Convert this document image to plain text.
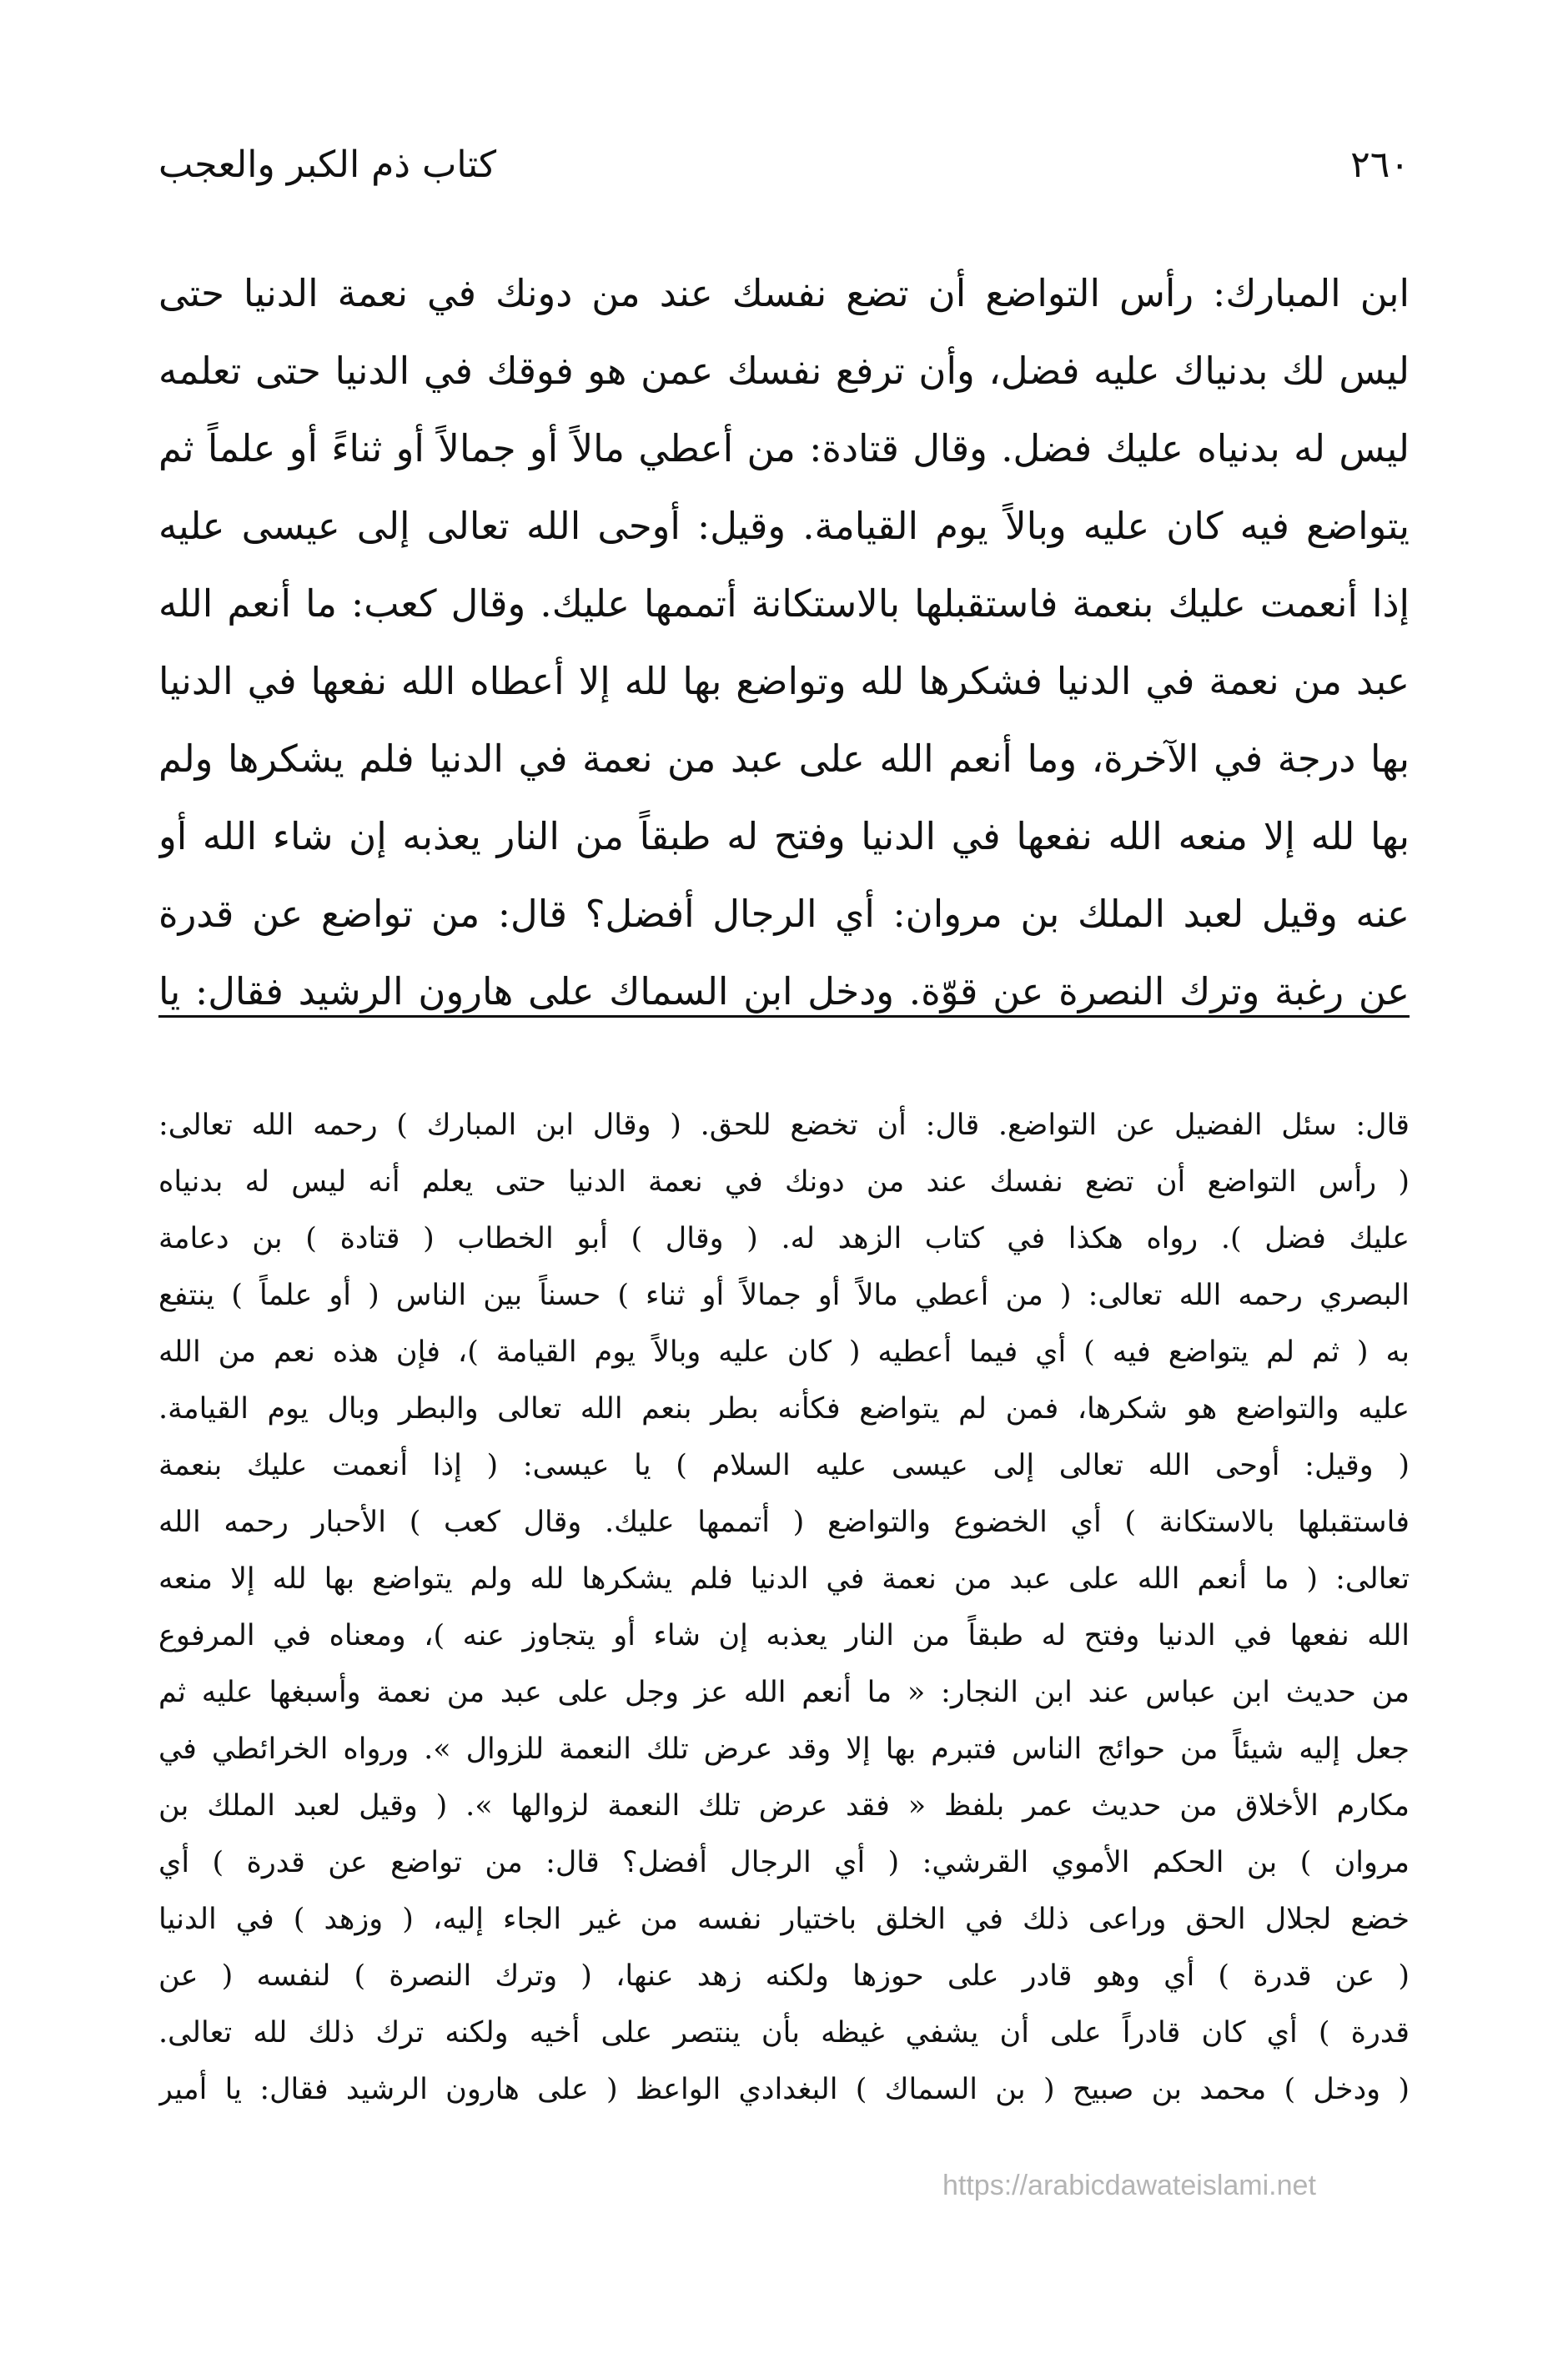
٢٦٠
كتاب ذم الكبر والعجب
ابن المبارك: رأس التواضع أن تضع نفسك عند من دونك في نعمة الدنيا حتى
ليس لك بدنياك عليه فضل، وأن ترفع نفسك عمن هو فوقك في الدنيا حتى تعلمه
ليس له بدنياه عليك فضل. وقال قتادة: من أعطي مالاً أو جمالاً أو ثناءً أو علماً ثم
يتواضع فيه كان عليه وبالاً يوم القيامة. وقيل: أوحى الله تعالى إلى عيسى عليه
إذا أنعمت عليك بنعمة فاستقبلها بالاستكانة أتممها عليك. وقال كعب: ما أنعم الله
عبد من نعمة في الدنيا فشكرها لله وتواضع بها لله إلا أعطاه الله نفعها في الدنيا
بها درجة في الآخرة، وما أنعم الله على عبد من نعمة في الدنيا فلم يشكرها ولم
بها لله إلا منعه الله نفعها في الدنيا وفتح له طبقاً من النار يعذبه إن شاء الله أو
عنه وقيل لعبد الملك بن مروان: أي الرجال أفضل؟ قال: من تواضع عن قدرة
عن رغبة وترك النصرة عن قوّة. ودخل ابن السماك على هارون الرشيد فقال: يا
قال: سئل الفضيل عن التواضع. قال: أن تخضع للحق. ( وقال ابن المبارك ) رحمه الله تعالى:
( رأس التواضع أن تضع نفسك عند من دونك في نعمة الدنيا حتى يعلم أنه ليس له بدنياه
عليك فضل ). رواه هكذا في كتاب الزهد له. ( وقال ) أبو الخطاب ( قتادة ) بن دعامة
البصري رحمه الله تعالى: ( من أعطي مالاً أو جمالاً أو ثناء ) حسناً بين الناس ( أو علماً ) ينتفع
به ( ثم لم يتواضع فيه ) أي فيما أعطيه ( كان عليه وبالاً يوم القيامة )، فإن هذه نعم من الله
عليه والتواضع هو شكرها، فمن لم يتواضع فكأنه بطر بنعم الله تعالى والبطر وبال يوم القيامة.
( وقيل: أوحى الله تعالى إلى عيسى عليه السلام ) يا عيسى: ( إذا أنعمت عليك بنعمة
فاستقبلها بالاستكانة ) أي الخضوع والتواضع ( أتممها عليك. وقال كعب ) الأحبار رحمه الله
تعالى: ( ما أنعم الله على عبد من نعمة في الدنيا فلم يشكرها لله ولم يتواضع بها لله إلا منعه
الله نفعها في الدنيا وفتح له طبقاً من النار يعذبه إن شاء أو يتجاوز عنه )، ومعناه في المرفوع
من حديث ابن عباس عند ابن النجار: « ما أنعم الله عز وجل على عبد من نعمة وأسبغها عليه ثم
جعل إليه شيئاً من حوائج الناس فتبرم بها إلا وقد عرض تلك النعمة للزوال ». ورواه الخرائطي في
مكارم الأخلاق من حديث عمر بلفظ « فقد عرض تلك النعمة لزوالها ». ( وقيل لعبد الملك بن
مروان ) بن الحكم الأموي القرشي: ( أي الرجال أفضل؟ قال: من تواضع عن قدرة ) أي
خضع لجلال الحق وراعى ذلك في الخلق باختيار نفسه من غير الجاء إليه، ( وزهد ) في الدنيا
( عن قدرة ) أي وهو قادر على حوزها ولكنه زهد عنها، ( وترك النصرة ) لنفسه ( عن
قدرة ) أي كان قادراً على أن يشفي غيظه بأن ينتصر على أخيه ولكنه ترك ذلك لله تعالى.
( ودخل ) محمد بن صبيح ( بن السماك ) البغدادي الواعظ ( على هارون الرشيد فقال: يا أمير
https://arabicdawateislami.net
